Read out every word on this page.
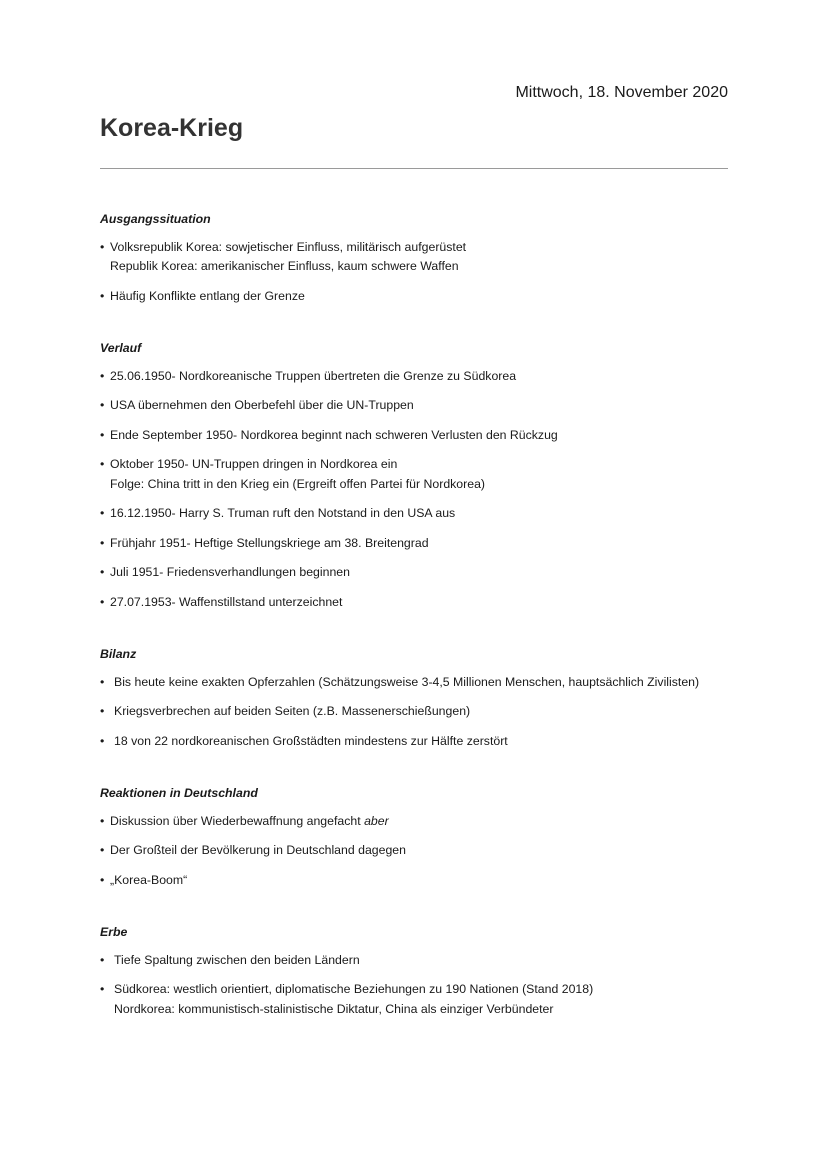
Mittwoch, 18. November 2020
Korea-Krieg
Ausgangssituation
• Volksrepublik Korea: sowjetischer Einfluss, militärisch aufgerüstet
Republik Korea: amerikanischer Einfluss, kaum schwere Waffen
• Häufig Konflikte entlang der Grenze
Verlauf
• 25.06.1950- Nordkoreanische Truppen übertreten die Grenze zu Südkorea
• USA übernehmen den Oberbefehl über die UN-Truppen
• Ende September 1950- Nordkorea beginnt nach schweren Verlusten den Rückzug
• Oktober 1950- UN-Truppen dringen in Nordkorea ein
Folge: China tritt in den Krieg ein (Ergreift offen Partei für Nordkorea)
• 16.12.1950- Harry S. Truman ruft den Notstand in den USA aus
• Frühjahr 1951- Heftige Stellungskriege am 38. Breitengrad
• Juli 1951- Friedensverhandlungen beginnen
• 27.07.1953- Waffenstillstand unterzeichnet
Bilanz
• Bis heute keine exakten Opferzahlen (Schätzungsweise 3-4,5 Millionen Menschen, hauptsächlich Zivilisten)
• Kriegsverbrechen auf beiden Seiten (z.B. Massenerschießungen)
• 18 von 22 nordkoreanischen Großstädten mindestens zur Hälfte zerstört
Reaktionen in Deutschland
• Diskussion über Wiederbewaffnung angefacht aber
• Der Großteil der Bevölkerung in Deutschland dagegen
• „Korea-Boom“
Erbe
• Tiefe Spaltung zwischen den beiden Ländern
• Südkorea: westlich orientiert, diplomatische Beziehungen zu 190 Nationen (Stand 2018)
Nordkorea: kommunistisch-stalinistische Diktatur, China als einziger Verbündeter
